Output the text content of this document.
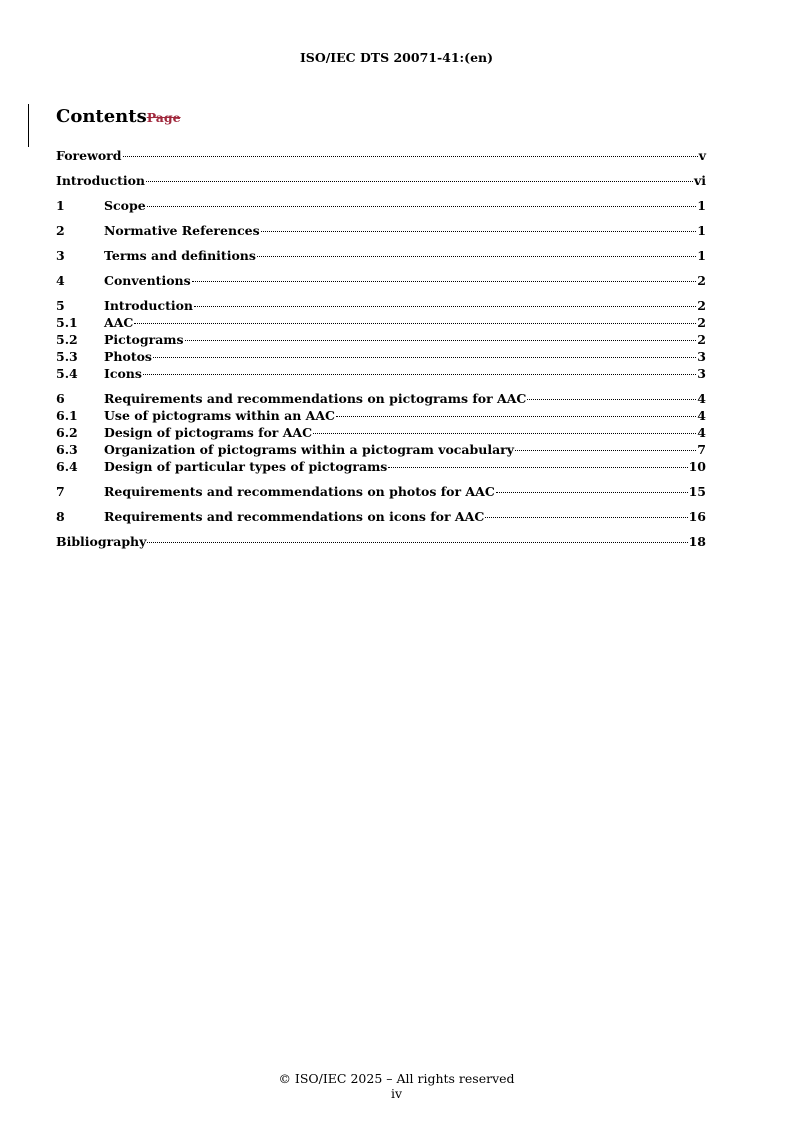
ISO/IEC DTS 20071-41:(en)
ContentsPage
Foreword	v
Introduction	vi
1	Scope	1
2	Normative References	1
3	Terms and definitions	1
4	Conventions	2
5	Introduction	2
5.1	AAC	2
5.2	Pictograms	2
5.3	Photos	3
5.4	Icons	3
6	Requirements and recommendations on pictograms for AAC	4
6.1	Use of pictograms within an AAC	4
6.2	Design of pictograms for AAC	4
6.3	Organization of pictograms within a pictogram vocabulary	7
6.4	Design of particular types of pictograms	10
7	Requirements and recommendations on photos for AAC	15
8	Requirements and recommendations on icons for AAC	16
Bibliography	18
© ISO/IEC 2025 – All rights reserved
iv
